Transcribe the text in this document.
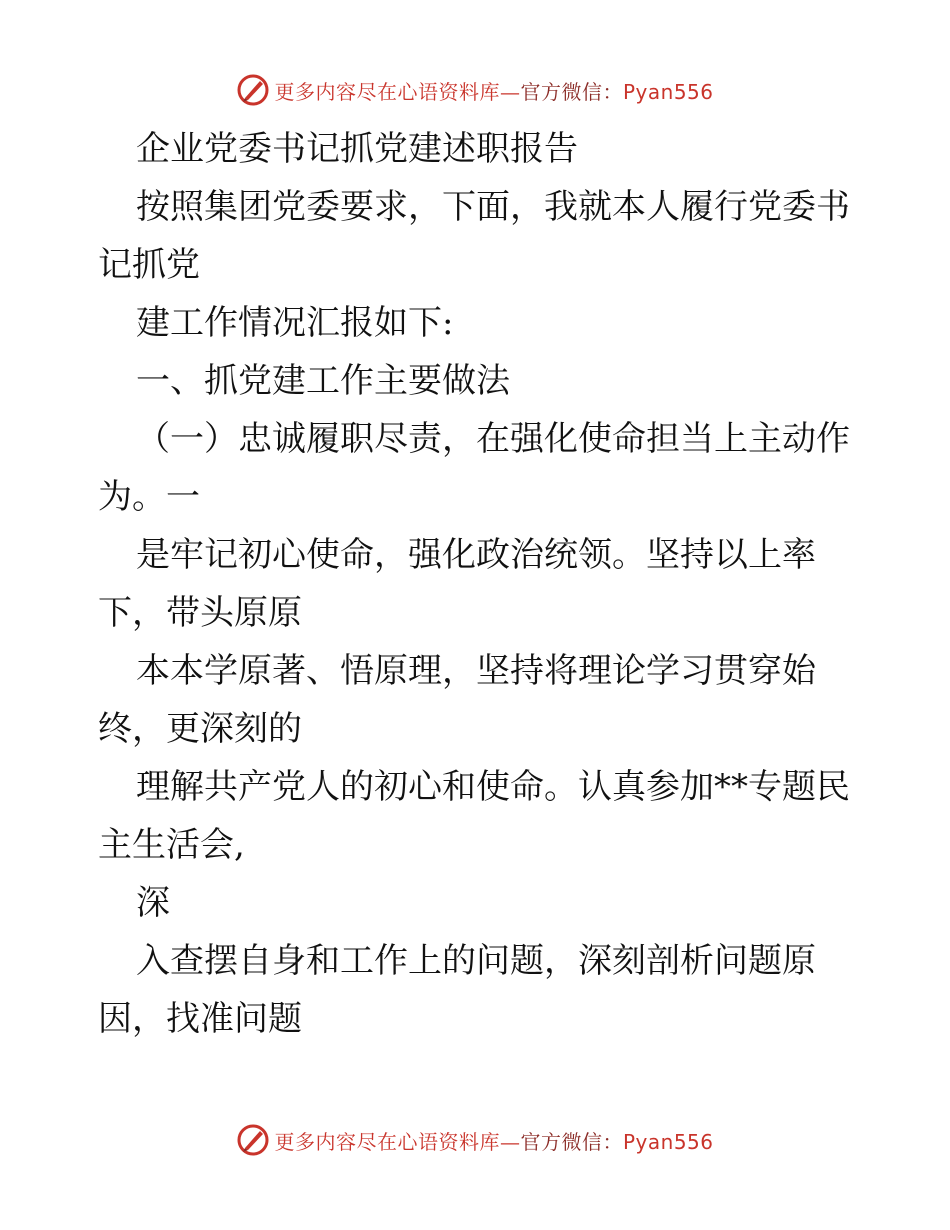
更多内容尽在心语资料库—官方微信：Pyan556
企业党委书记抓党建述职报告
按照集团党委要求，下面，我就本人履行党委书
记抓党
建工作情况汇报如下:
一、抓党建工作主要做法
（一）忠诚履职尽责，在强化使命担当上主动作
为。一
是牢记初心使命，强化政治统领。坚持以上率
下，带头原原
本本学原著、悟原理，坚持将理论学习贯穿始
终，更深刻的
理解共产党人的初心和使命。认真参加**专题民
主生活会,
深
入查摆自身和工作上的问题，深刻剖析问题原
因，找准问题
更多内容尽在心语资料库—官方微信：Pyan556
